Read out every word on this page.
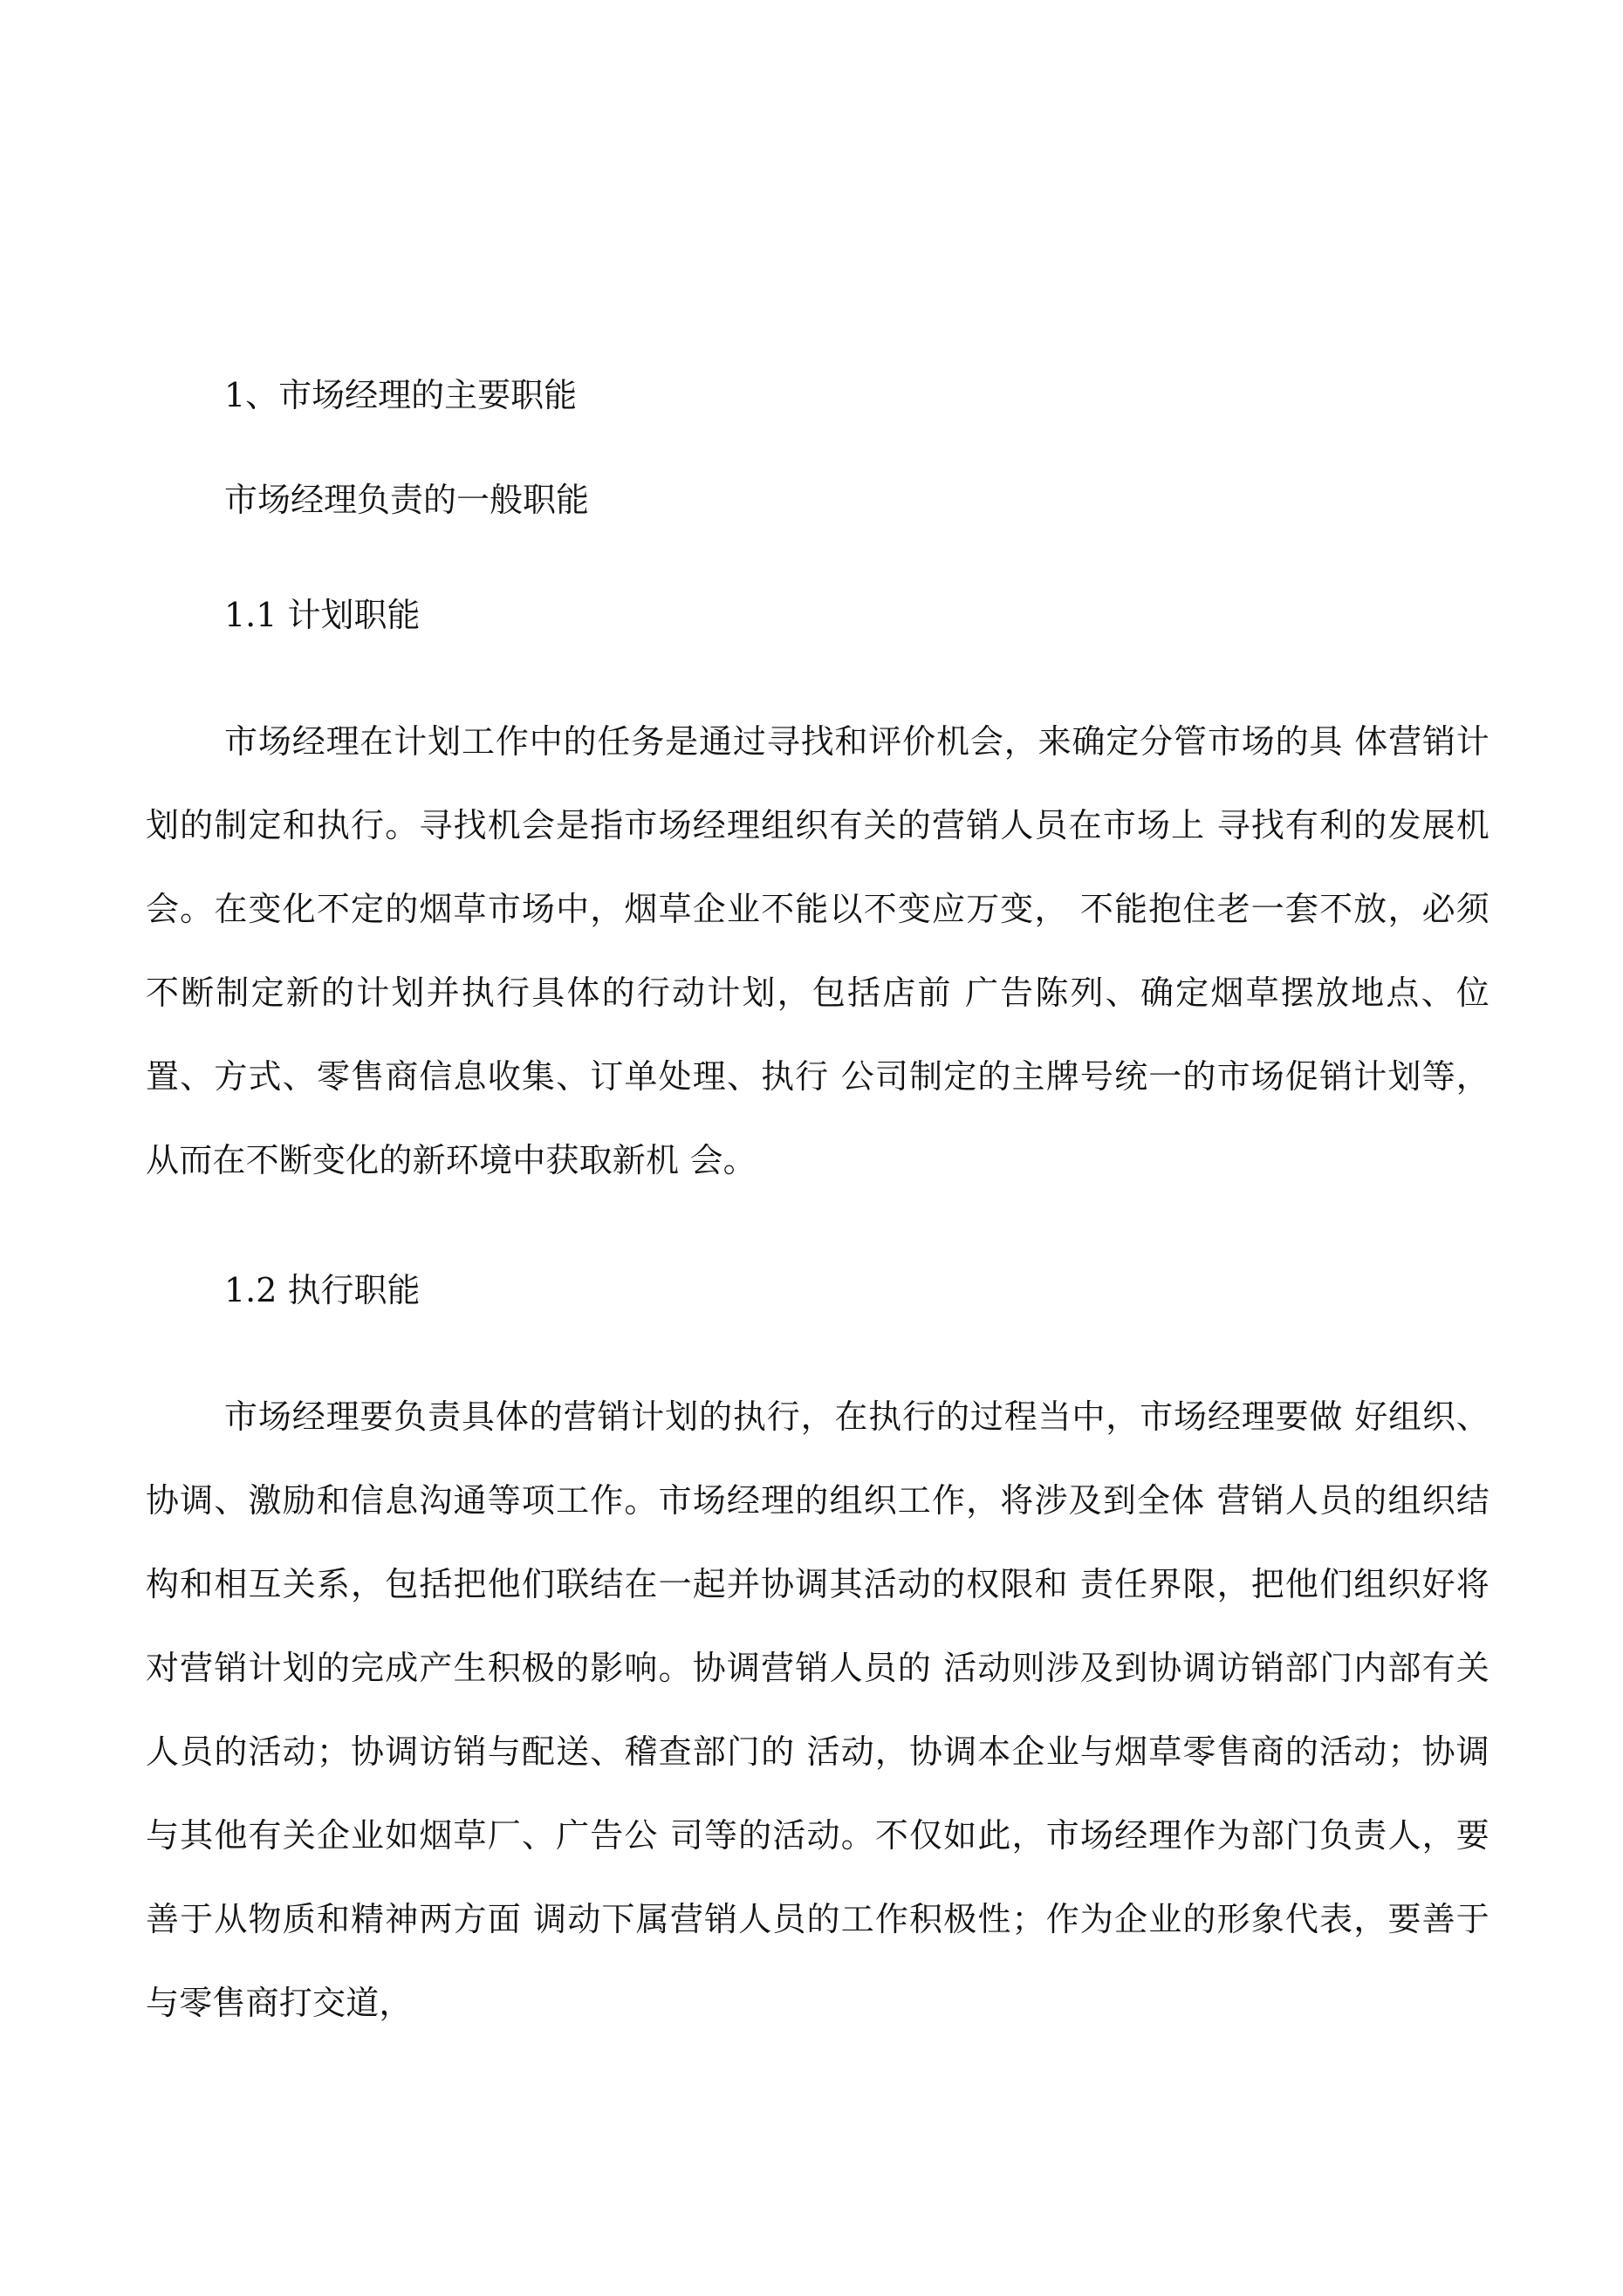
1、市场经理的主要职能
市场经理负责的一般职能
1.1 计划职能

市场经理在计划工作中的任务是通过寻找和评价机会，来确定分管市场的具 体营销计划的制定和执行。寻找机会是指市场经理组织有关的营销人员在市场上 寻找有利的发展机会。在变化不定的烟草市场中，烟草企业不能以不变应万变， 不能抱住老一套不放，必须不断制定新的计划并执行具体的行动计划，包括店前 广告陈列、确定烟草摆放地点、位置、方式、零售商信息收集、订单处理、执行 公司制定的主牌号统一的市场促销计划等，从而在不断变化的新环境中获取新机 会。

1.2 执行职能

市场经理要负责具体的营销计划的执行，在执行的过程当中，市场经理要做 好组织、协调、激励和信息沟通等项工作。市场经理的组织工作，将涉及到全体 营销人员的组织结构和相互关系，包括把他们联结在一起并协调其活动的权限和 责任界限，把他们组织好将对营销计划的完成产生积极的影响。协调营销人员的 活动则涉及到协调访销部门内部有关人员的活动；协调访销与配送、稽查部门的 活动，协调本企业与烟草零售商的活动；协调与其他有关企业如烟草厂、广告公 司等的活动。不仅如此，市场经理作为部门负责人，要善于从物质和精神两方面 调动下属营销人员的工作积极性；作为企业的形象代表，要善于与零售商打交道，
